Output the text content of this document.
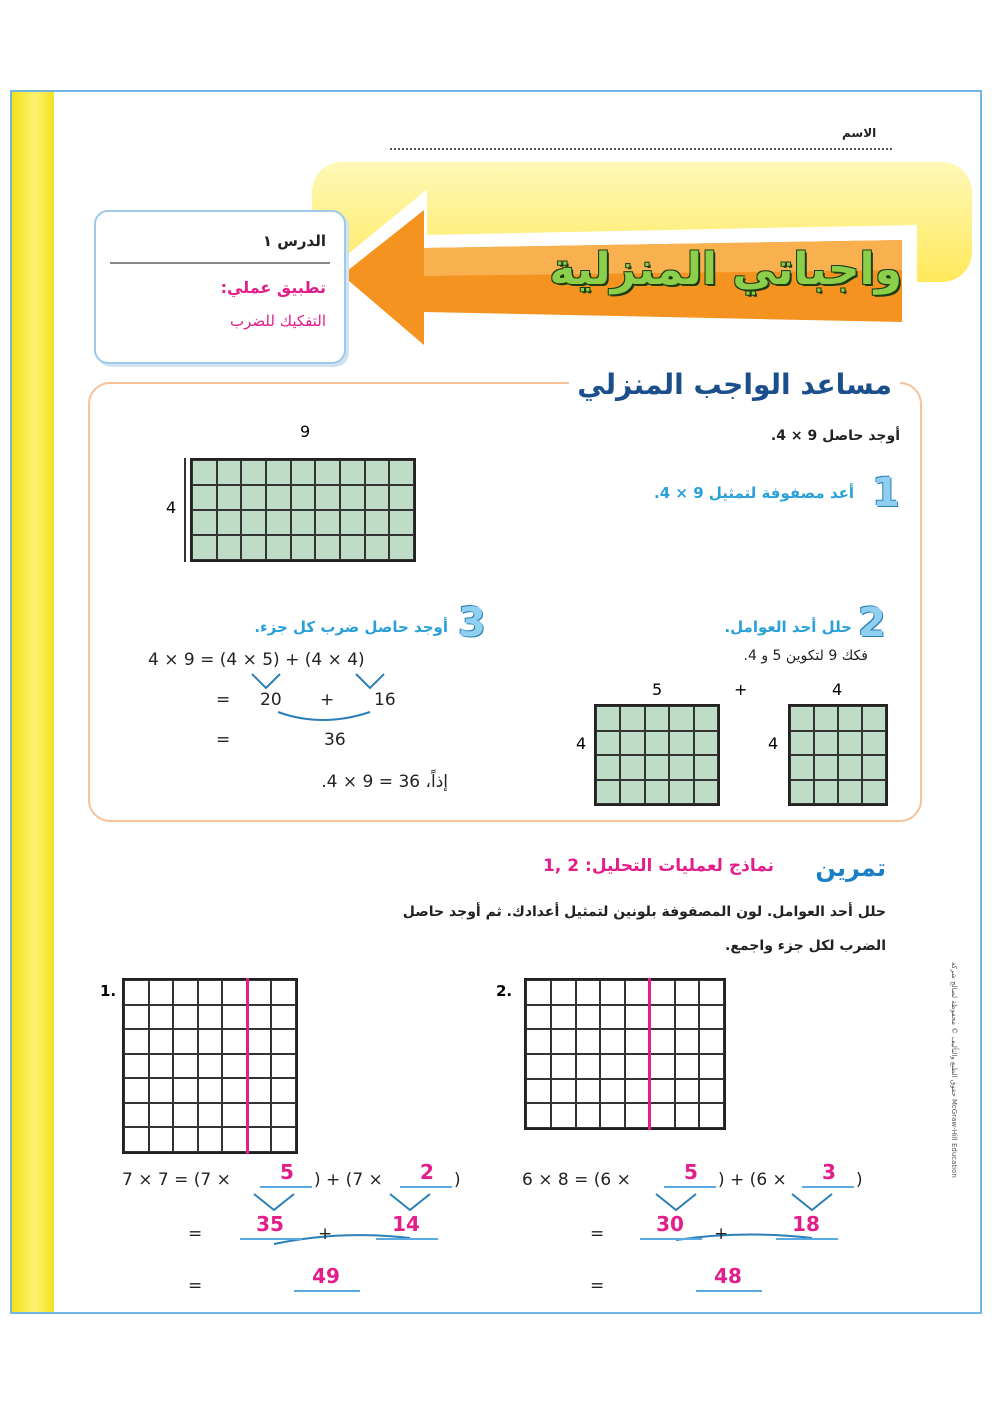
الاسم
واجباتي المنزلية
الدرس ١
تطبيق عملي:
التفكيك للضرب
مساعد الواجب المنزلي
أوجد حاصل 9 × 4.
1
أعد مصفوفة لتمثيل 9 × 4.
9
4
2
حلل أحد العوامل.
فكك 9 لتكوين 5 و 4.
5	+	4
4	4
3
أوجد حاصل ضرب كل جزء.
4 × 9 = (4 × 5) + (4 × 4)
= 20 + 16
=	36
إذاً، 36 = 9 × 4.
تمرين
نماذج لعمليات التحليل: 2 ,1
حلل أحد العوامل. لون المصفوفة بلونين لتمثيل أعدادك. ثم أوجد حاصل
الضرب لكل جزء واجمع.
1.
7 × 7 = (7 ×	5	) + (7 ×	2	)
=	35	+	14
=	49
2.
6 × 8 = (6 ×	5	) + (6 ×	3	)
=	30	+	18
=	48
حقوق الطبع والتأليف © محفوظة لصالح شركة McGraw-Hill Education
